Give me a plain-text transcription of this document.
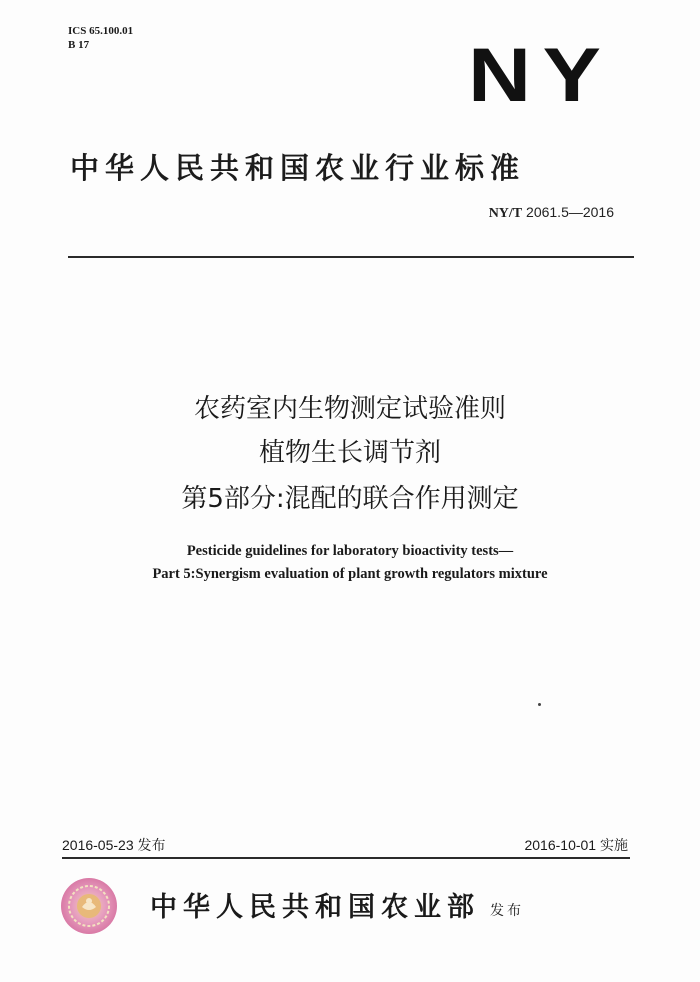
ICS 65.100.01
B 17	NY
中华人民共和国农业行业标准
NY/T 2061.5—2016
农药室内生物测定试验准则
植物生长调节剂
第5部分:混配的联合作用测定
Pesticide guidelines for laboratory bioactivity tests—
Part 5:Synergism evaluation of plant growth regulators mixture
2016-05-23 发布	2016-10-01 实施
中华人民共和国农业部 发布
